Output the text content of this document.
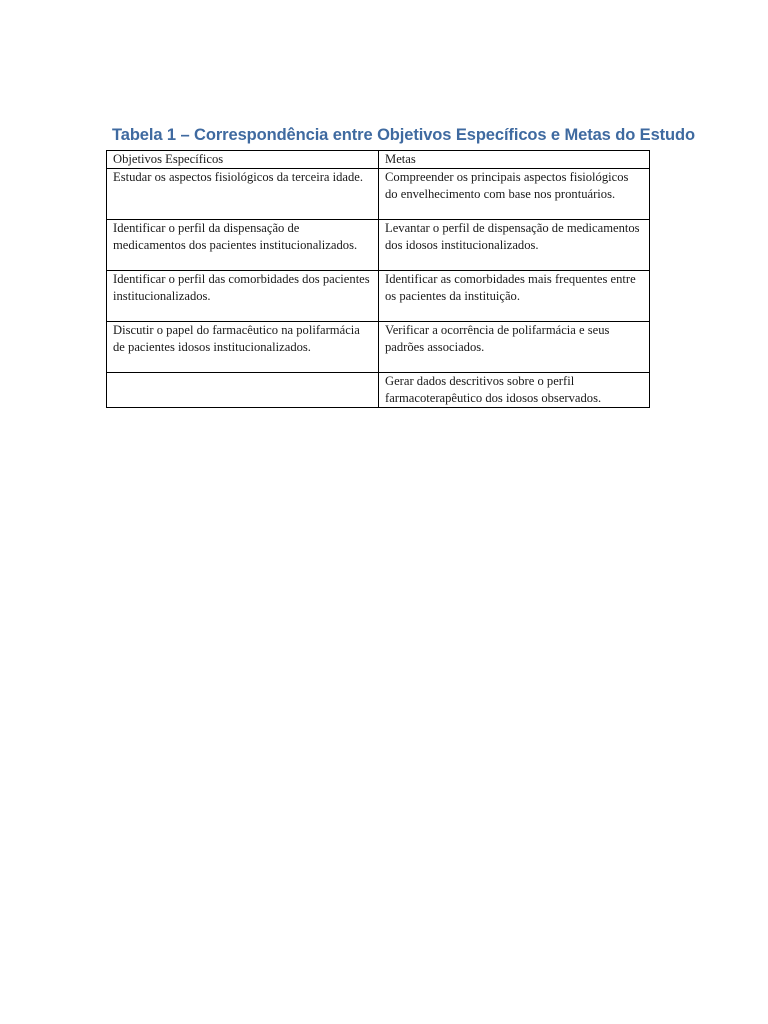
Tabela 1 – Correspondência entre Objetivos Específicos e Metas do Estudo
Objetivos Específicos	Metas
Estudar os aspectos fisiológicos da terceira idade.	Compreender os principais aspectos fisiológicos do envelhecimento com base nos prontuários.
Identificar o perfil da dispensação de medicamentos dos pacientes institucionalizados.	Levantar o perfil de dispensação de medicamentos dos idosos institucionalizados.
Identificar o perfil das comorbidades dos pacientes institucionalizados.	Identificar as comorbidades mais frequentes entre os pacientes da instituição.
Discutir o papel do farmacêutico na polifarmácia de pacientes idosos institucionalizados.	Verificar a ocorrência de polifarmácia e seus padrões associados.
	Gerar dados descritivos sobre o perfil farmacoterapêutico dos idosos observados.
